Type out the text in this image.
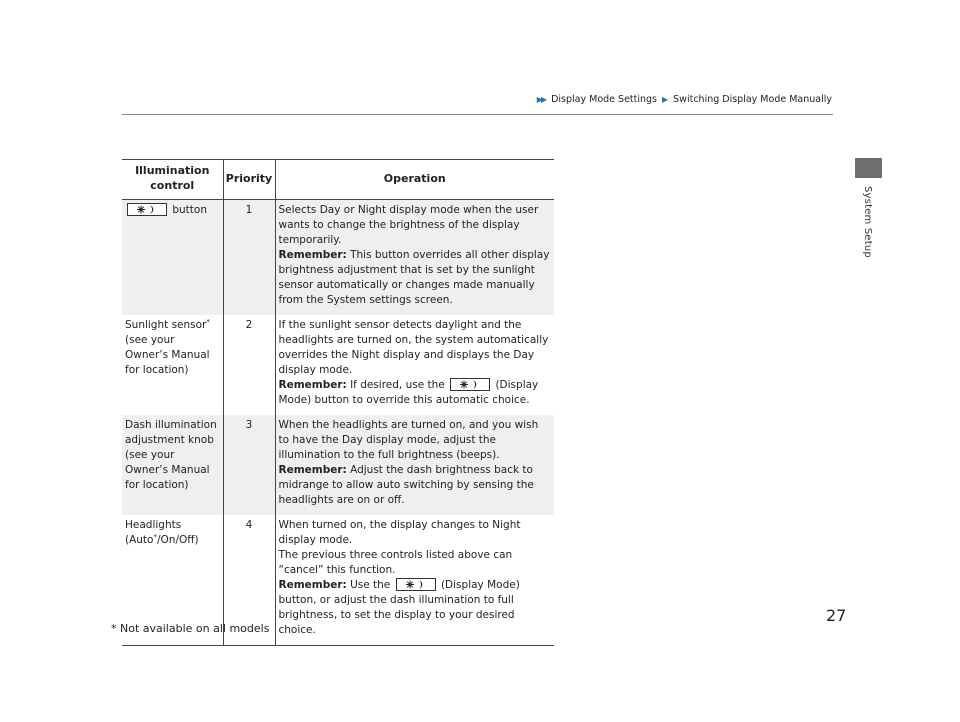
▶▶ Display Mode Settings ▶ Switching Display Mode Manually
System Setup
Illumination control	Priority	Operation

button	1	Selects Day or Night display mode when the user wants to change the brightness of the display temporarily.
Remember: This button overrides all other display brightness adjustment that is set by the sunlight sensor automatically or changes made manually from the System settings screen.
Sunlight sensor*
(see your Owner’s Manual for location)	2	If the sunlight sensor detects daylight and the headlights are turned on, the system automatically overrides the Night display and displays the Day display mode.
Remember: If desired, use the (Display Mode) button to override this automatic choice.
Dash illumination adjustment knob (see your Owner’s Manual for location)	3	When the headlights are turned on, and you wish to have the Day display mode, adjust the illumination to the full brightness (beeps).
Remember: Adjust the dash brightness back to midrange to allow auto switching by sensing the headlights are on or off.
Headlights
(Auto*/On/Off)	4	When turned on, the display changes to Night display mode.
The previous three controls listed above can “cancel” this function.
Remember: Use the (Display Mode) button, or adjust the dash illumination to full brightness, to set the display to your desired choice.
* Not available on all models
27
